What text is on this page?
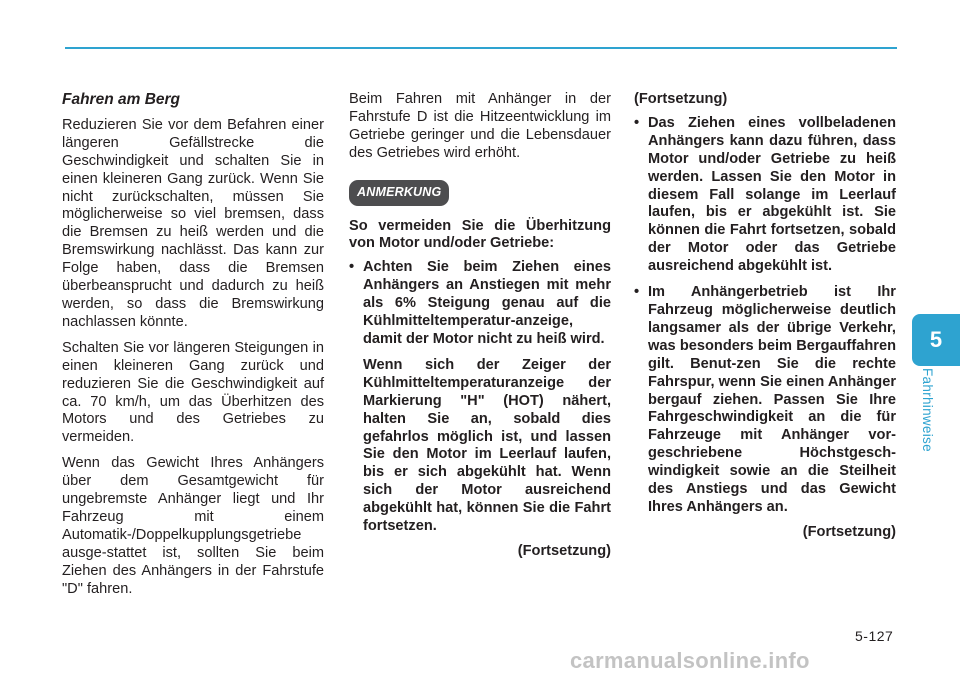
Fahren am Berg

Reduzieren Sie vor dem Befahren einer längeren Gefällstrecke die Geschwindigkeit und schalten Sie in einen kleineren Gang zurück. Wenn Sie nicht zurückschalten, müssen Sie möglicherweise so viel bremsen, dass die Bremsen zu heiß werden und die Bremswirkung nachlässt. Das kann zur Folge haben, dass die Bremsen überbeansprucht und dadurch zu heiß werden, so dass die Bremswirkung nachlassen könnte.

Schalten Sie vor längeren Steigungen in einen kleineren Gang zurück und reduzieren Sie die Geschwindigkeit auf ca. 70 km/h, um das Überhitzen des Motors und des Getriebes zu vermeiden.

Wenn das Gewicht Ihres Anhängers über dem Gesamtgewicht für ungebremste Anhänger liegt und Ihr Fahrzeug mit einem Automatik-/Doppelkupplungsgetriebe ausge-stattet ist, sollten Sie beim Ziehen des Anhängers in der Fahrstufe "D" fahren.

Beim Fahren mit Anhänger in der Fahrstufe D ist die Hitzeentwicklung im Getriebe geringer und die Lebensdauer des Getriebes wird erhöht.

ANMERKUNG

So vermeiden Sie die Überhitzung von Motor und/oder Getriebe:

• Achten Sie beim Ziehen eines Anhängers an Anstiegen mit mehr als 6% Steigung genau auf die Kühlmitteltemperatur-anzeige, damit der Motor nicht zu heiß wird.

Wenn sich der Zeiger der Kühlmitteltemperaturanzeige der Markierung "H" (HOT) nähert, halten Sie an, sobald dies gefahrlos möglich ist, und lassen Sie den Motor im Leerlauf laufen, bis er sich abgekühlt hat. Wenn sich der Motor ausreichend abgekühlt hat, können Sie die Fahrt fortsetzen.

(Fortsetzung)

(Fortsetzung)

• Das Ziehen eines vollbeladenen Anhängers kann dazu führen, dass Motor und/oder Getriebe zu heiß werden. Lassen Sie den Motor in diesem Fall solange im Leerlauf laufen, bis er abgekühlt ist. Sie können die Fahrt fortsetzen, sobald der Motor oder das Getriebe ausreichend abgekühlt ist.
• Im Anhängerbetrieb ist Ihr Fahrzeug möglicherweise deutlich langsamer als der übrige Verkehr, was besonders beim Bergauffahren gilt. Benut-zen Sie die rechte Fahrspur, wenn Sie einen Anhänger bergauf ziehen. Passen Sie Ihre Fahrgeschwindigkeit an die für Fahrzeuge mit Anhänger vor-geschriebene Höchstgesch-windigkeit sowie an die Steilheit des Anstiegs und das Gewicht Ihres Anhängers an.

(Fortsetzung)

5
Fahrhinweise
5-127
carmanualsonline.info
